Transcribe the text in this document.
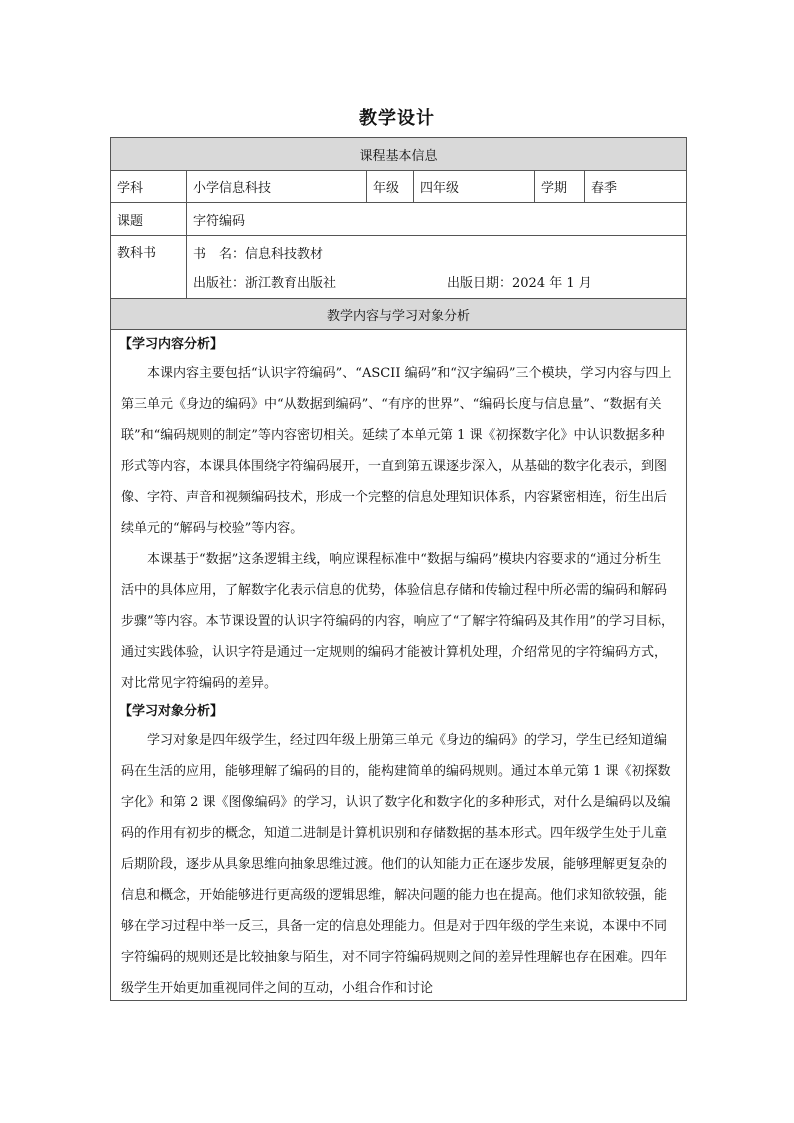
教学设计
课程基本信息
学科	小学信息科技	年级	四年级	学期	春季
课题	字符编码
教科书	书　名：信息科技教材
出版社：浙江教育出版社	出版日期：2024 年 1 月
教学内容与学习对象分析
【学习内容分析】

本课内容主要包括“认识字符编码”、“ASCII 编码”和“汉字编码”三个模块，学习内容与四上第三单元《身边的编码》中“从数据到编码”、“有序的世界”、“编码长度与信息量”、“数据有关联”和“编码规则的制定”等内容密切相关。延续了本单元第 1 课《初探数字化》中认识数据多种形式等内容，本课具体围绕字符编码展开，一直到第五课逐步深入，从基础的数字化表示，到图像、字符、声音和视频编码技术，形成一个完整的信息处理知识体系，内容紧密相连，衍生出后续单元的“解码与校验”等内容。

本课基于“数据”这条逻辑主线，响应课程标准中“数据与编码”模块内容要求的“通过分析生活中的具体应用，了解数字化表示信息的优势，体验信息存储和传输过程中所必需的编码和解码步骤”等内容。本节课设置的认识字符编码的内容，响应了“了解字符编码及其作用”的学习目标，通过实践体验，认识字符是通过一定规则的编码才能被计算机处理，介绍常见的字符编码方式，对比常见字符编码的差异。

【学习对象分析】

学习对象是四年级学生，经过四年级上册第三单元《身边的编码》的学习，学生已经知道编码在生活的应用，能够理解了编码的目的，能构建简单的编码规则。通过本单元第 1 课《初探数字化》和第 2 课《图像编码》的学习，认识了数字化和数字化的多种形式，对什么是编码以及编码的作用有初步的概念，知道二进制是计算机识别和存储数据的基本形式。四年级学生处于儿童后期阶段，逐步从具象思维向抽象思维过渡。他们的认知能力正在逐步发展，能够理解更复杂的信息和概念，开始能够进行更高级的逻辑思维，解决问题的能力也在提高。他们求知欲较强，能够在学习过程中举一反三，具备一定的信息处理能力。但是对于四年级的学生来说，本课中不同字符编码的规则还是比较抽象与陌生，对不同字符编码规则之间的差异性理解也存在困难。四年级学生开始更加重视同伴之间的互动，小组合作和讨论
